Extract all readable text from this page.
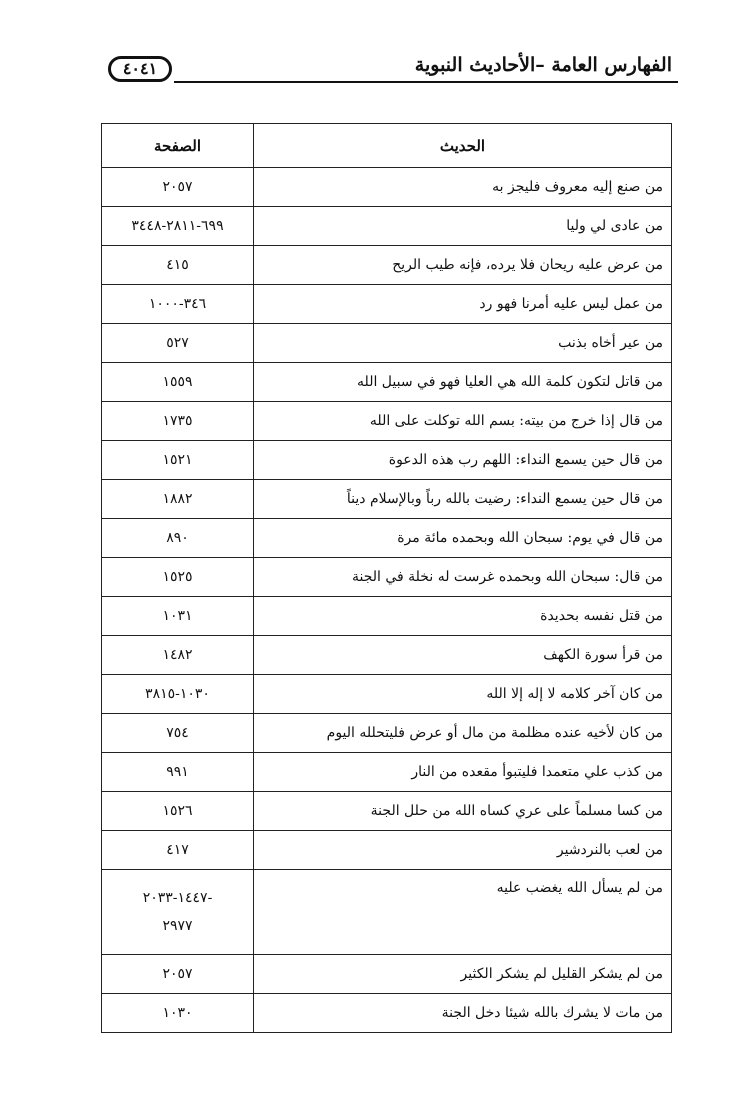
الفهارس العامة –الأحاديث النبوية
٤٠٤١
الحديث	الصفحة
من صنع إليه معروف فليجز به	٢٠٥٧
من عادى لي وليا	٦٩٩-٢٨١١-٣٤٤٨
من عرض عليه ريحان فلا يرده، فإنه طيب الريح	٤١٥
من عمل ليس عليه أمرنا فهو رد	٣٤٦-١٠٠٠
من عير أخاه بذنب	٥٢٧
من قاتل لتكون كلمة الله هي العليا فهو في سبيل الله	١٥٥٩
من قال إذا خرج من بيته: بسم الله توكلت على الله	١٧٣٥
من قال حين يسمع النداء: اللهم رب هذه الدعوة	١٥٢١
من قال حين يسمع النداء: رضيت بالله رباً وبالإسلام ديناً	١٨٨٢
من قال في يوم: سبحان الله وبحمده مائة مرة	٨٩٠
من قال: سبحان الله وبحمده غرست له نخلة في الجنة	١٥٢٥
من قتل نفسه بحديدة	١٠٣١
من قرأ سورة الكهف	١٤٨٢
من كان آخر كلامه لا إله إلا الله	١٠٣٠-٣٨١٥
من كان لأخيه عنده مظلمة من مال أو عرض فليتحلله اليوم	٧٥٤
من كذب علي متعمدا فليتبوأ مقعده من النار	٩٩١
من كسا مسلماً على عري كساه الله من حلل الجنة	١٥٢٦
من لعب بالنردشير	٤١٧
من لم يسأل الله يغضب عليه	١٤٤٧-٢٠٣٣-
٢٩٧٧

من لم يشكر القليل لم يشكر الكثير	٢٠٥٧
من مات لا يشرك بالله شيئا دخل الجنة	١٠٣٠
